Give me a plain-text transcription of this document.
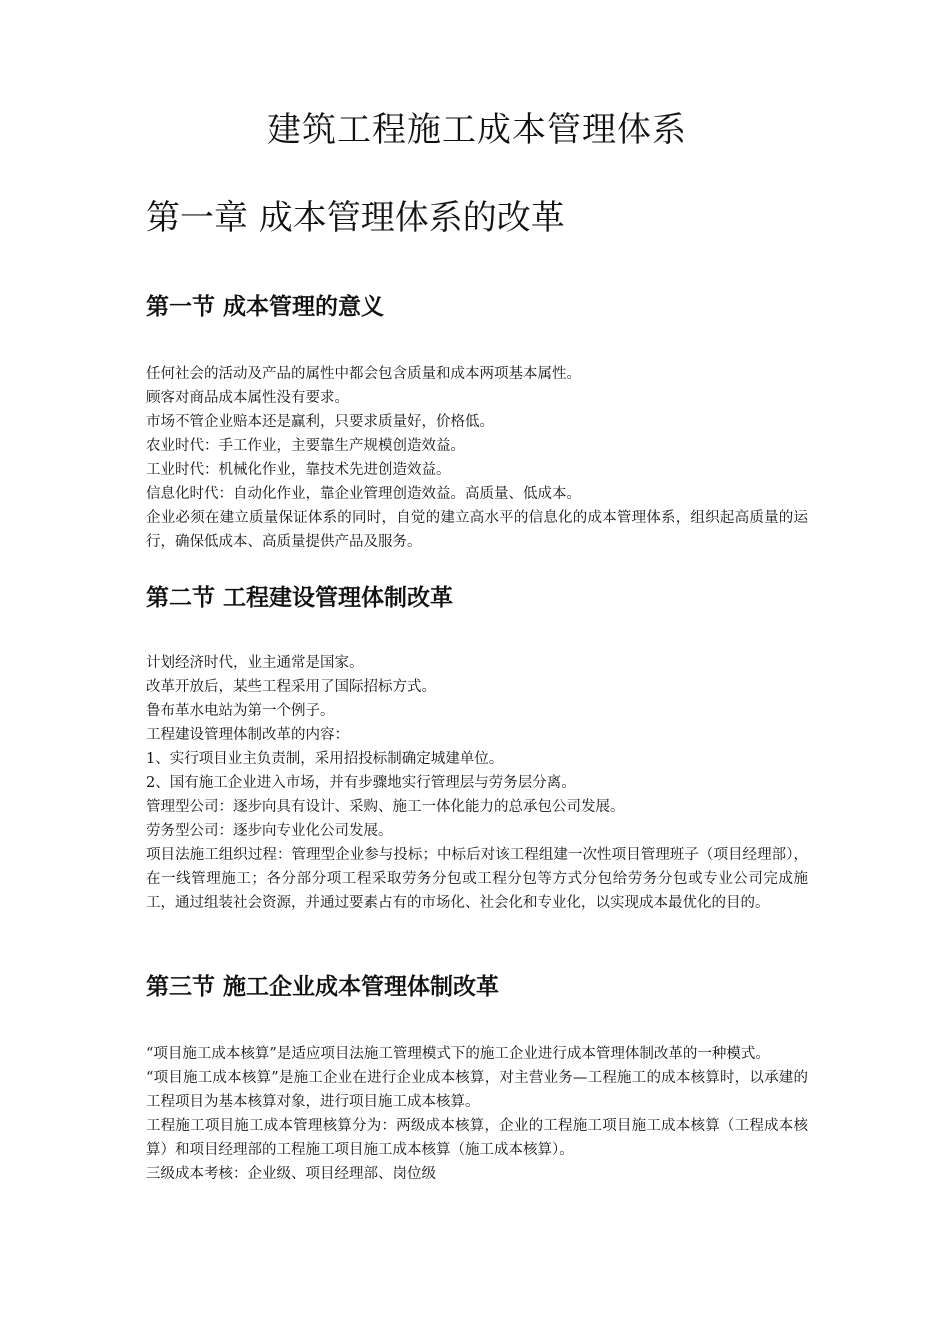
建筑工程施工成本管理体系
第一章 成本管理体系的改革
第一节 成本管理的意义

任何社会的活动及产品的属性中都会包含质量和成本两项基本属性。

顾客对商品成本属性没有要求。

市场不管企业赔本还是赢利，只要求质量好，价格低。

农业时代：手工作业，主要靠生产规模创造效益。

工业时代：机械化作业，靠技术先进创造效益。

信息化时代：自动化作业，靠企业管理创造效益。高质量、低成本。

企业必须在建立质量保证体系的同时，自觉的建立高水平的信息化的成本管理体系，组织起高质量的运行，确保低成本、高质量提供产品及服务。

第二节 工程建设管理体制改革

计划经济时代，业主通常是国家。

改革开放后，某些工程采用了国际招标方式。

鲁布革水电站为第一个例子。

工程建设管理体制改革的内容：

1、实行项目业主负责制，采用招投标制确定城建单位。

2、国有施工企业进入市场，并有步骤地实行管理层与劳务层分离。

管理型公司：逐步向具有设计、采购、施工一体化能力的总承包公司发展。

劳务型公司：逐步向专业化公司发展。

项目法施工组织过程：管理型企业参与投标；中标后对该工程组建一次性项目管理班子（项目经理部），在一线管理施工；各分部分项工程采取劳务分包或工程分包等方式分包给劳务分包或专业公司完成施工，通过组装社会资源，并通过要素占有的市场化、社会化和专业化，以实现成本最优化的目的。

第三节 施工企业成本管理体制改革

“项目施工成本核算”是适应项目法施工管理模式下的施工企业进行成本管理体制改革的一种模式。

“项目施工成本核算”是施工企业在进行企业成本核算，对主营业务—工程施工的成本核算时，以承建的工程项目为基本核算对象，进行项目施工成本核算。

工程施工项目施工成本管理核算分为：两级成本核算，企业的工程施工项目施工成本核算（工程成本核算）和项目经理部的工程施工项目施工成本核算（施工成本核算）。

三级成本考核：企业级、项目经理部、岗位级
